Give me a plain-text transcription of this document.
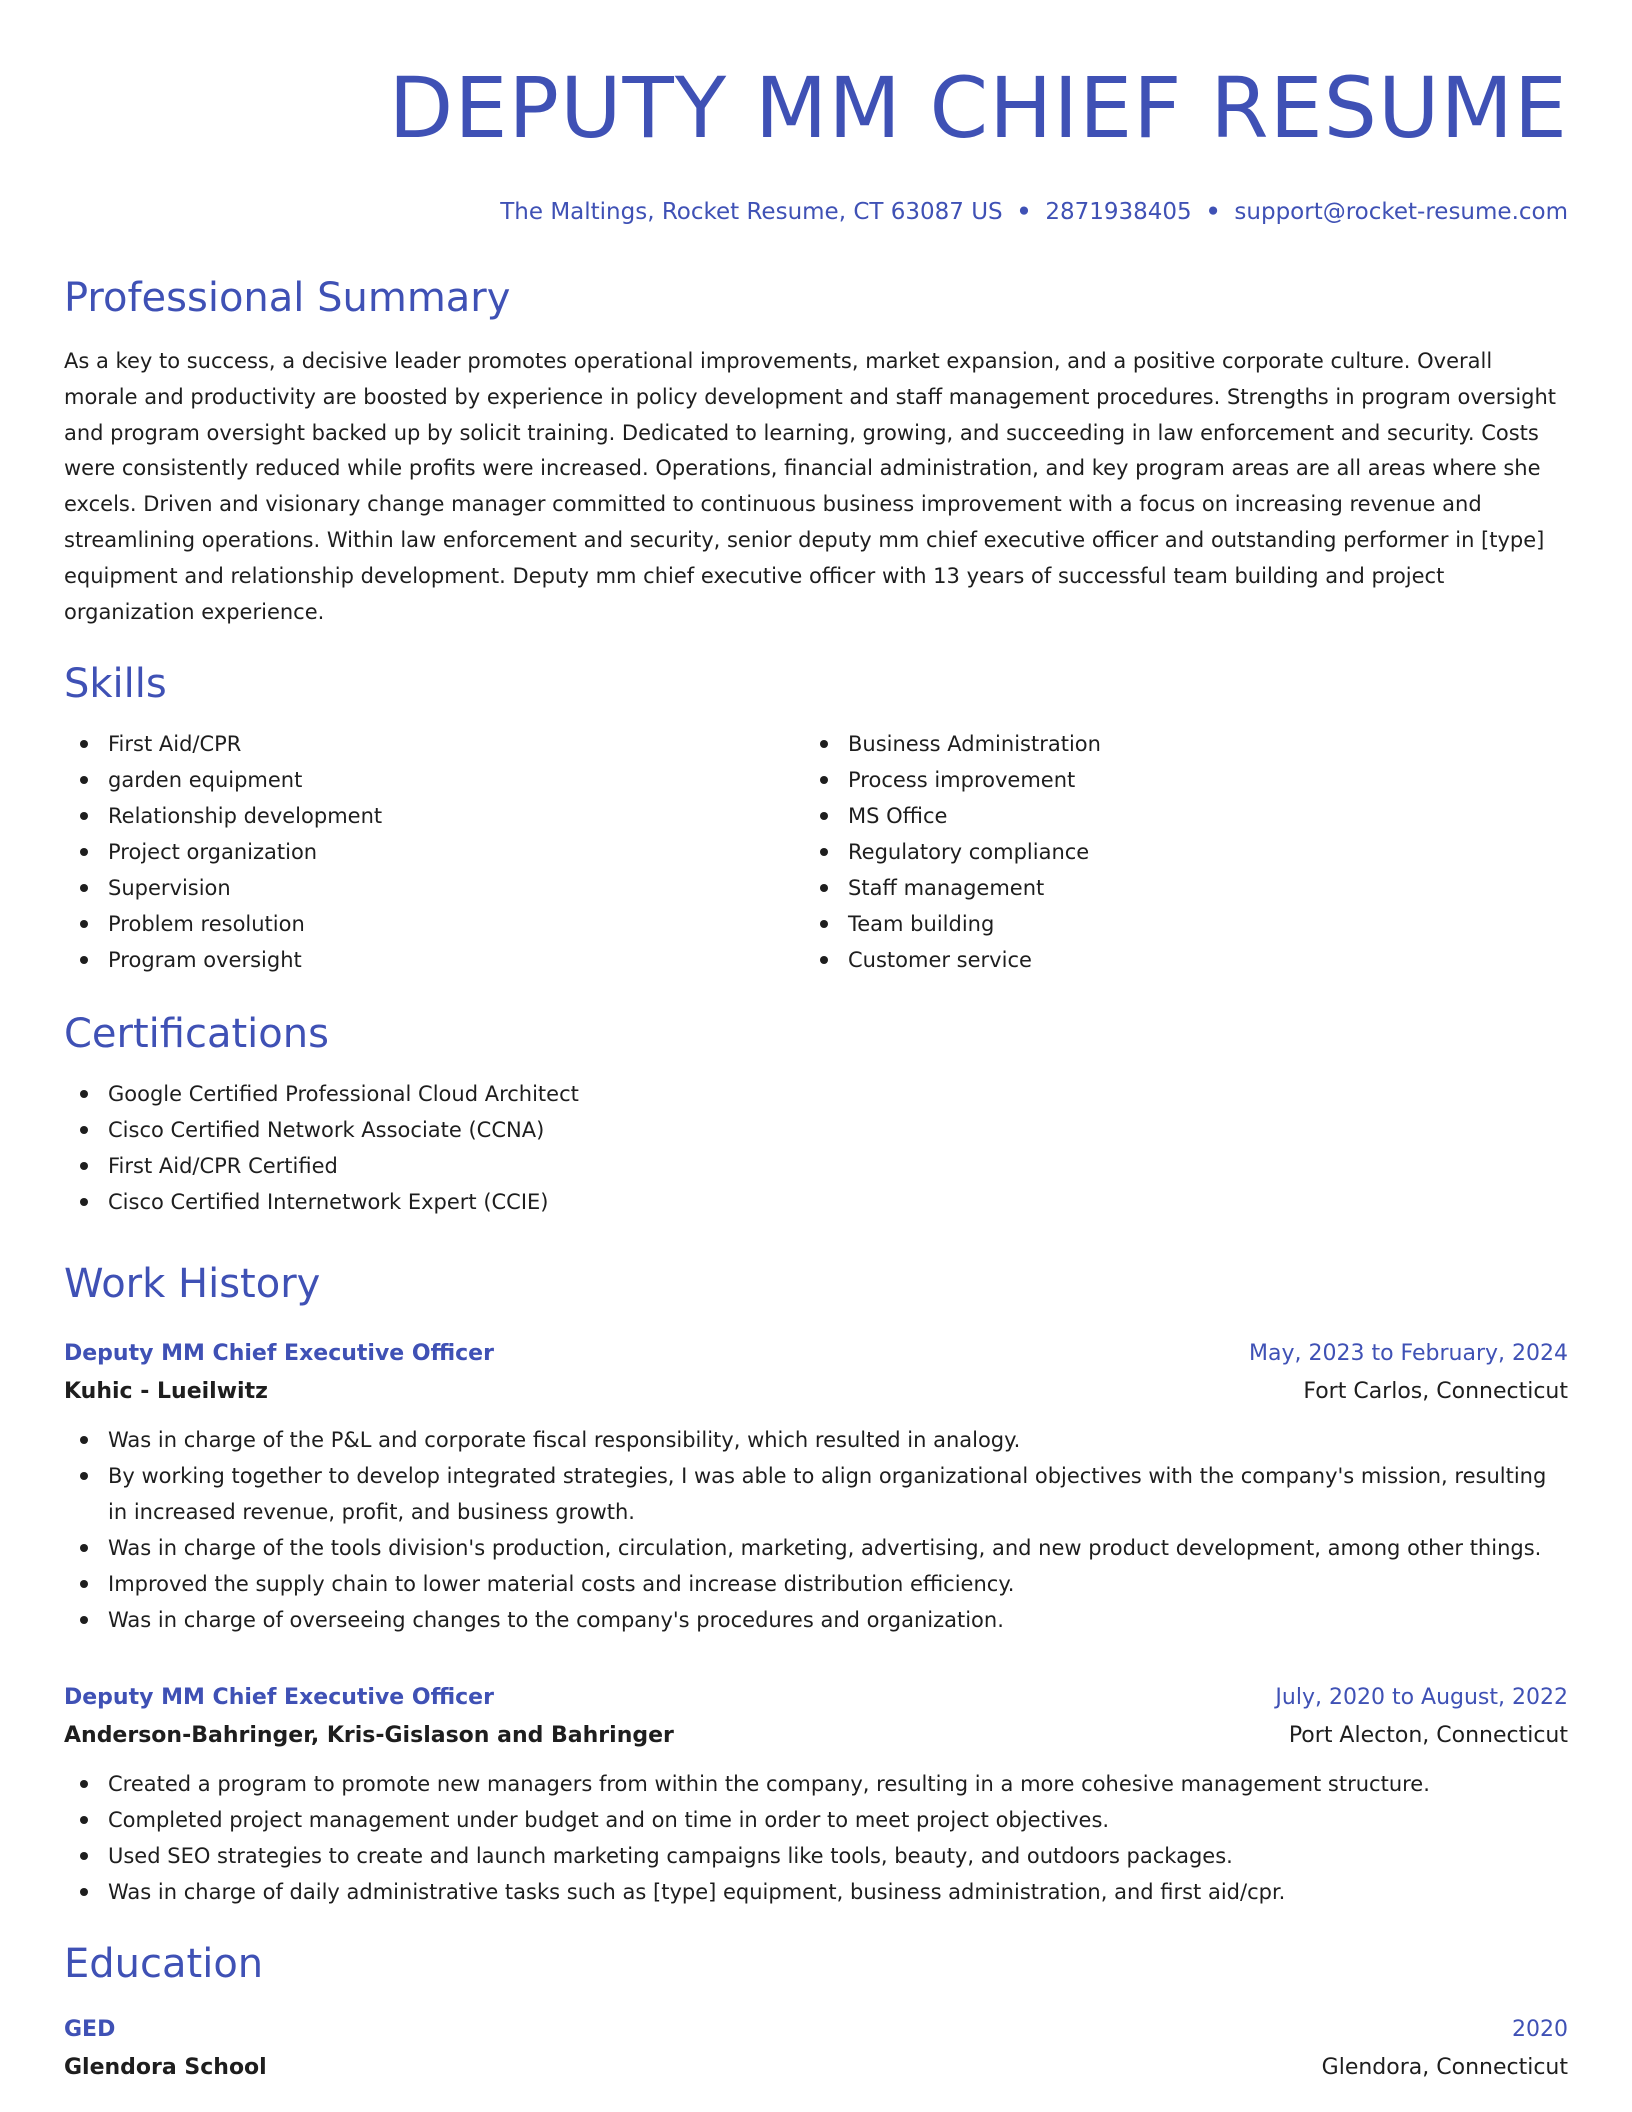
DEPUTY MM CHIEF RESUME
The Maltings, Rocket Resume, CT 63087 US • 2871938405 • support@rocket-resume.com
Professional Summary

As a key to success, a decisive leader promotes operational improvements, market expansion, and a positive corporate culture. Overall morale and productivity are boosted by experience in policy development and staff management procedures. Strengths in program oversight and program oversight backed up by solicit training. Dedicated to learning, growing, and succeeding in law enforcement and security. Costs were consistently reduced while profits were increased. Operations, financial administration, and key program areas are all areas where she excels. Driven and visionary change manager committed to continuous business improvement with a focus on increasing revenue and streamlining operations. Within law enforcement and security, senior deputy mm chief executive officer and outstanding performer in [type] equipment and relationship development. Deputy mm chief executive officer with 13 years of successful team building and project organization experience.

Skills
First Aid/CPR
garden equipment
Relationship development
Project organization
Supervision
Problem resolution
Program oversight
Business Administration
Process improvement
MS Office
Regulatory compliance
Staff management
Team building
Customer service
Certifications
Google Certified Professional Cloud Architect
Cisco Certified Network Associate (CCNA)
First Aid/CPR Certified
Cisco Certified Internetwork Expert (CCIE)
Work History
Deputy MM Chief Executive Officer	May, 2023 to February, 2024
Kuhic - Lueilwitz	Fort Carlos, Connecticut
Was in charge of the P&L and corporate fiscal responsibility, which resulted in analogy.
By working together to develop integrated strategies, I was able to align organizational objectives with the company's mission, resulting in increased revenue, profit, and business growth.
Was in charge of the tools division's production, circulation, marketing, advertising, and new product development, among other things.
Improved the supply chain to lower material costs and increase distribution efficiency.
Was in charge of overseeing changes to the company's procedures and organization.
Deputy MM Chief Executive Officer	July, 2020 to August, 2022
Anderson-Bahringer, Kris-Gislason and Bahringer	Port Alecton, Connecticut
Created a program to promote new managers from within the company, resulting in a more cohesive management structure.
Completed project management under budget and on time in order to meet project objectives.
Used SEO strategies to create and launch marketing campaigns like tools, beauty, and outdoors packages.
Was in charge of daily administrative tasks such as [type] equipment, business administration, and first aid/cpr.
Education
GED	2020
Glendora School	Glendora, Connecticut
